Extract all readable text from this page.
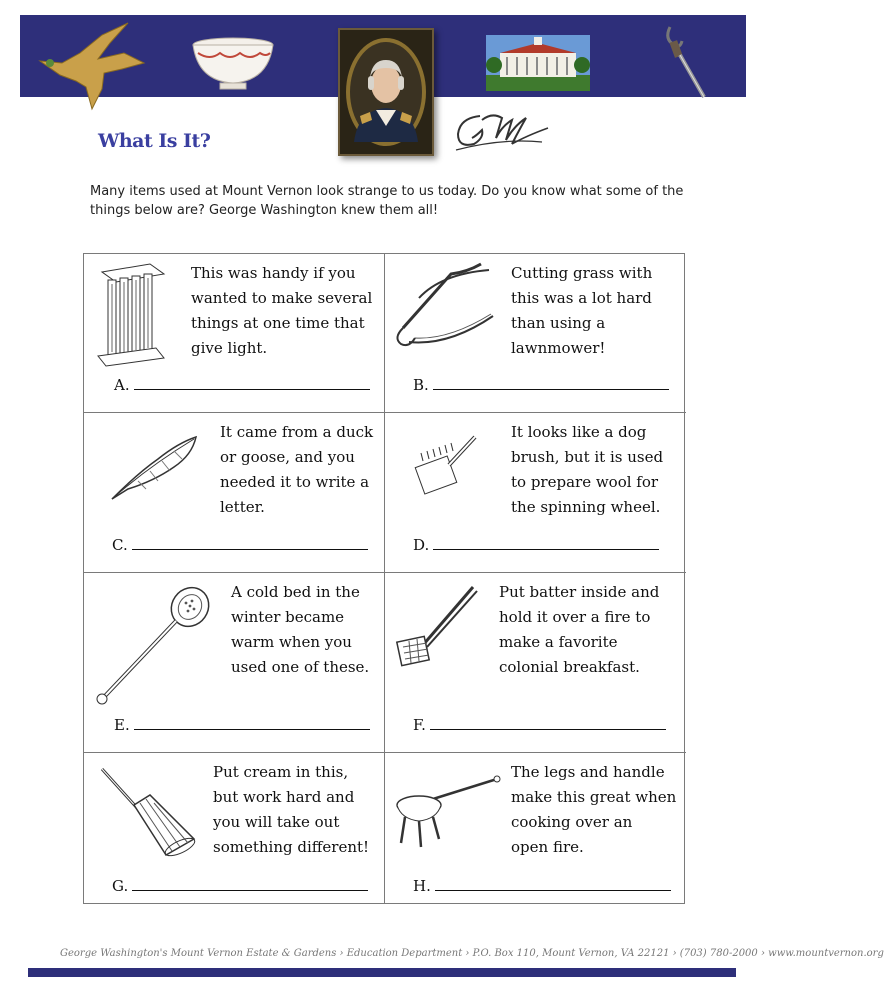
What Is It?
Many items used at Mount Vernon look strange to us today. Do you know what some of the things below are? George Washington knew them all!
This was handy if you
wanted to make several
things at one time that
give light.
A.
Cutting grass with
this was a lot hard
than using a
lawnmower!
B.
It came from a duck
or goose, and you
needed it to write a
letter.
C.
It looks like a dog
brush, but it is used
to prepare wool for
the spinning wheel.
D.
A cold bed in the
winter became
warm when you
used one of these.
E.
Put batter inside and
hold it over a fire to
make a favorite
colonial breakfast.
F.
Put cream in this,
but work hard and
you will take out
something different!
G.
The legs and handle
make this great when
cooking over an
open fire.
H.
George Washington's Mount Vernon Estate & Gardens › Education Department › P.O. Box 110, Mount Vernon, VA 22121 › (703) 780-2000 › www.mountvernon.org
